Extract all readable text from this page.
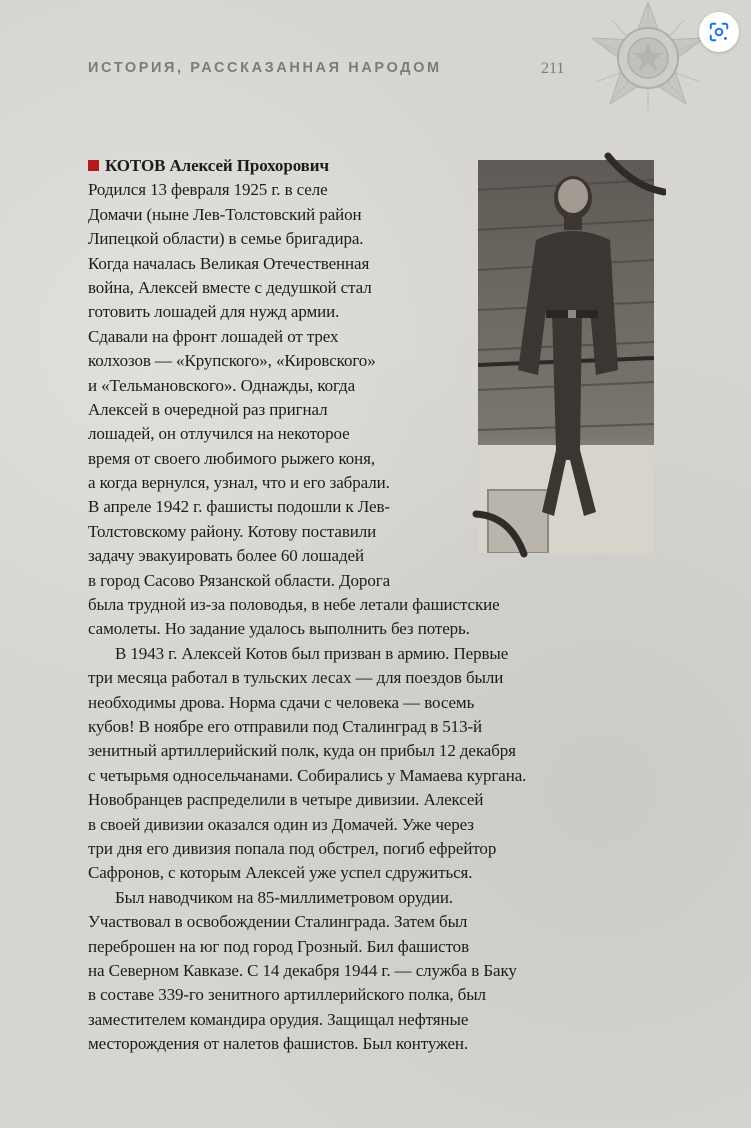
ИСТОРИЯ, РАССКАЗАННАЯ НАРОДОМ	211
КОТОВ Алексей Прохорович
Родился 13 февраля 1925 г. в селе
Домачи (ныне Лев-Толстовский район
Липецкой области) в семье бригадира.
Когда началась Великая Отечественная
война, Алексей вместе с дедушкой стал
готовить лошадей для нужд армии.
Сдавали на фронт лошадей от трех
колхозов — «Крупского», «Кировского»
и «Тельмановского». Однажды, когда
Алексей в очередной раз пригнал
лошадей, он отлучился на некоторое
время от своего любимого рыжего коня,
а когда вернулся, узнал, что и его забрали.
В апреле 1942 г. фашисты подошли к Лев-
Толстовскому району. Котову поставили
задачу эвакуировать более 60 лошадей
в город Сасово Рязанской области. Дорога
была трудной из-за половодья, в небе летали фашистские
самолеты. Но задание удалось выполнить без потерь.
В 1943 г. Алексей Котов был призван в армию. Первые
три месяца работал в тульских лесах — для поездов были
необходимы дрова. Норма сдачи с человека — восемь
кубов! В ноябре его отправили под Сталинград в 513-й
зенитный артиллерийский полк, куда он прибыл 12 декабря
с четырьмя односельчанами. Собирались у Мамаева кургана.
Новобранцев распределили в четыре дивизии. Алексей
в своей дивизии оказался один из Домачей. Уже через
три дня его дивизия попала под обстрел, погиб ефрейтор
Сафронов, с которым Алексей уже успел сдружиться.
Был наводчиком на 85-миллиметровом орудии.
Участвовал в освобождении Сталинграда. Затем был
переброшен на юг под город Грозный. Бил фашистов
на Северном Кавказе. С 14 декабря 1944 г. — служба в Баку
в составе 339-го зенитного артиллерийского полка, был
заместителем командира орудия. Защищал нефтяные
месторождения от налетов фашистов. Был контужен.
